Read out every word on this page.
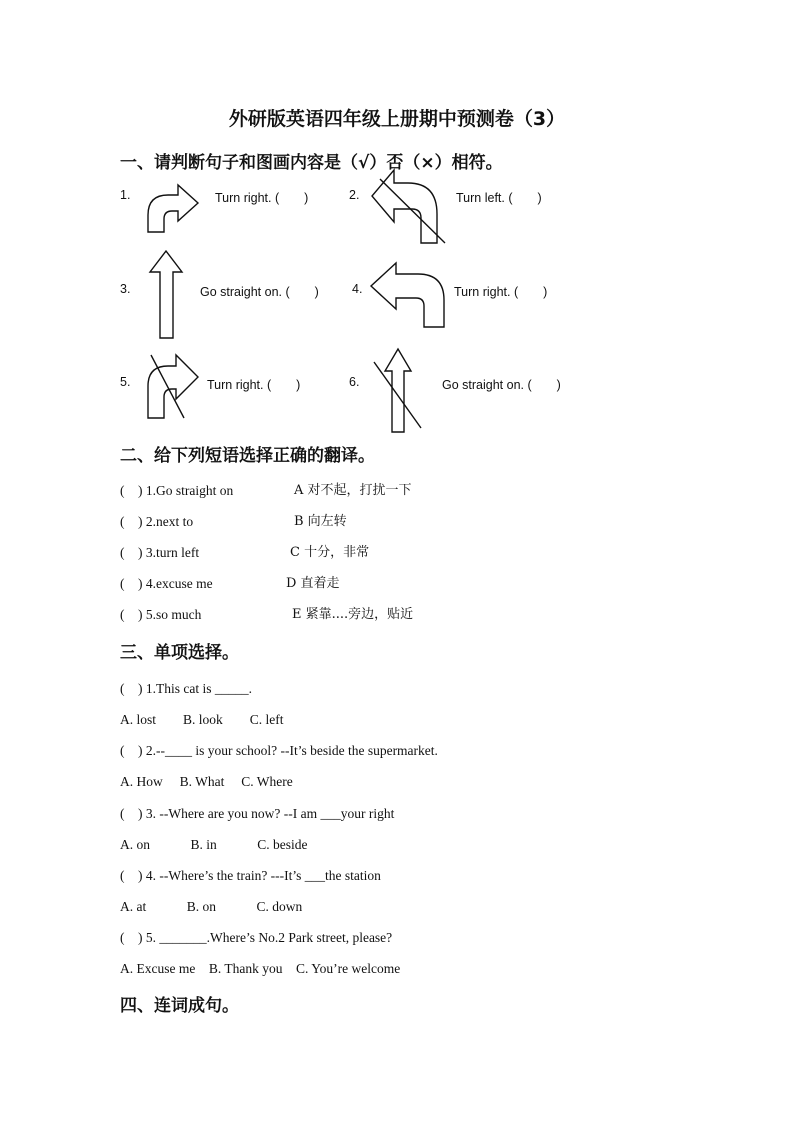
外研版英语四年级上册期中预测卷（3）
一、请判断句子和图画内容是（√）否（×）相符。
1.	Turn right. (　　)	2.	Turn left. (　　)
3.	Go straight on. (　　)	4.	Turn right. (　　)
5.	Turn right. (　　)	6.	Go straight on. (　　)
二、给下列短语选择正确的翻译。
(　) 1.Go straight on	A 对不起，打扰一下
(　) 2.next to	B 向左转
(　) 3.turn left	C 十分，非常
(　) 4.excuse me	D 直着走
(　) 5.so much	E 紧靠....旁边，贴近
三、单项选择。
(　) 1.This cat is _____.
A. lost　　B. look　　C. left
(　) 2.--____ is your school? --It’s beside the supermarket.
A. How　 B. What　 C. Where
(　) 3. --Where are you now? --I am ___your right
A. on　　　B. in　　　C. beside
(　) 4. --Where’s the train? ---It’s ___the station
A. at　　　B. on　　　C. down
(　) 5. _______.Where’s No.2 Park street, please?
A. Excuse me　B. Thank you　C. You’re welcome
四、连词成句。
